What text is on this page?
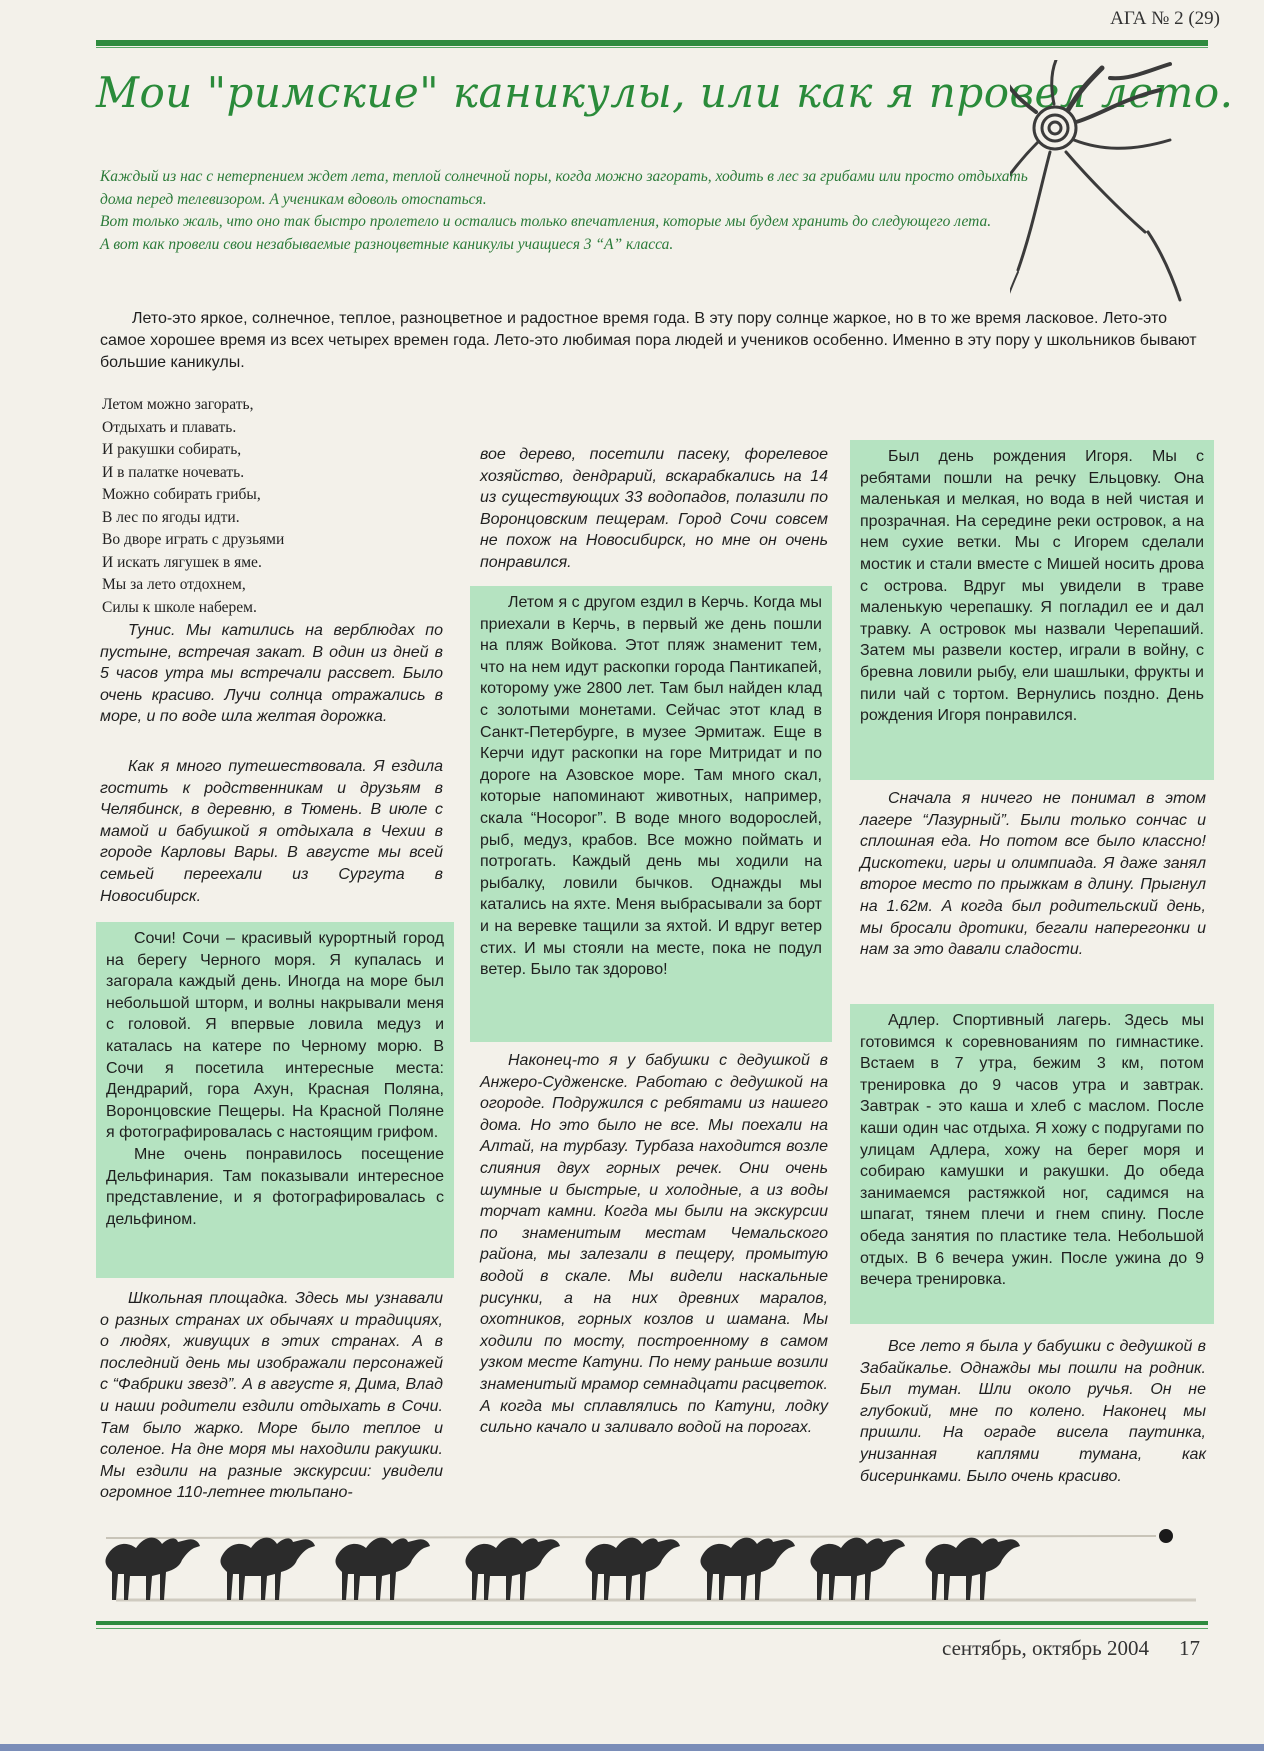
АГА № 2 (29)
Мои "римские" каникулы, или как я провел лето.

Каждый из нас с нетерпением ждет лета, теплой солнечной поры, когда можно загорать, ходить в лес за грибами или просто отдыхать дома перед телевизором. А ученикам вдоволь отоспаться.

Вот только жаль, что оно так быстро пролетело и остались только впечатления, которые мы будем хранить до следующего лета.

А вот как провели свои незабываемые разноцветные каникулы учащиеся 3 “А” класса.

Лето-это яркое, солнечное, теплое, разноцветное и радостное время года. В эту пору солнце жаркое, но в то же время ласковое. Лето-это самое хорошее время из всех четырех времен года. Лето-это любимая пора людей и учеников особенно. Именно в эту пору у школьников бывают большие каникулы.
Летом можно загорать,
Отдыхать и плавать.
И ракушки собирать,
И в палатке ночевать.
Можно собирать грибы,
В лес по ягоды идти.
Во дворе играть с друзьями
И искать лягушек в яме.
Мы за лето отдохнем,
Силы к школе наберем.

Тунис. Мы катились на верблюдах по пустыне, встречая закат. В один из дней в 5 часов утра мы встречали рассвет. Было очень красиво. Лучи солнца отражались в море, и по воде шла желтая дорожка.

Как я много путешествовала. Я ездила гостить к родственникам и друзьям в Челябинск, в деревню, в Тюмень. В июле с мамой и бабушкой я отдыхала в Чехии в городе Карловы Вары. В августе мы всей семьей переехали из Сургута в Новосибирск.

Сочи! Сочи – красивый курортный город на берегу Черного моря. Я купалась и загорала каждый день. Иногда на море был небольшой шторм, и волны накрывали меня с головой. Я впервые ловила медуз и каталась на катере по Черному морю. В Сочи я посетила интересные места: Дендрарий, гора Ахун, Красная Поляна, Воронцовские Пещеры. На Красной Поляне я фотографировалась с настоящим грифом.

Мне очень понравилось посещение Дельфинария. Там показывали интересное представление, и я фотографировалась с дельфином.

Школьная площадка. Здесь мы узнавали о разных странах их обычаях и традициях, о людях, живущих в этих странах. А в последний день мы изображали персонажей с “Фабрики звезд”. А в августе я, Дима, Влад и наши родители ездили отдыхать в Сочи. Там было жарко. Море было теплое и соленое. На дне моря мы находили ракушки. Мы ездили на разные экскурсии: увидели огромное 110-летнее тюльпано-

вое дерево, посетили пасеку, форелевое хозяйство, дендрарий, вскарабкались на 14 из существующих 33 водопадов, полазили по Воронцовским пещерам. Город Сочи совсем не похож на Новосибирск, но мне он очень понравился.

Летом я с другом ездил в Керчь. Когда мы приехали в Керчь, в первый же день пошли на пляж Войкова. Этот пляж знаменит тем, что на нем идут раскопки города Пантикапей, которому уже 2800 лет. Там был найден клад с золотыми монетами. Сейчас этот клад в Санкт-Петербурге, в музее Эрмитаж. Еще в Керчи идут раскопки на горе Митридат и по дороге на Азовское море. Там много скал, которые напоминают животных, например, скала “Носорог”. В воде много водорослей, рыб, медуз, крабов. Все можно поймать и потрогать. Каждый день мы ходили на рыбалку, ловили бычков. Однажды мы катались на яхте. Меня выбрасывали за борт и на веревке тащили за яхтой. И вдруг ветер стих. И мы стояли на месте, пока не подул ветер. Было так здорово!

Наконец-то я у бабушки с дедушкой в Анжеро-Судженске. Работаю с дедушкой на огороде. Подружился с ребятами из нашего дома. Но это было не все. Мы поехали на Алтай, на турбазу. Турбаза находится возле слияния двух горных речек. Они очень шумные и быстрые, и холодные, а из воды торчат камни. Когда мы были на экскурсии по знаменитым местам Чемальского района, мы залезали в пещеру, промытую водой в скале. Мы видели наскальные рисунки, а на них древних маралов, охотников, горных козлов и шамана. Мы ходили по мосту, построенному в самом узком месте Катуни. По нему раньше возили знаменитый мрамор семнадцати расцветок. А когда мы сплавлялись по Катуни, лодку сильно качало и заливало водой на порогах.

Был день рождения Игоря. Мы с ребятами пошли на речку Ельцовку. Она маленькая и мелкая, но вода в ней чистая и прозрачная. На середине реки островок, а на нем сухие ветки. Мы с Игорем сделали мостик и стали вместе с Мишей носить дрова с острова. Вдруг мы увидели в траве маленькую черепашку. Я погладил ее и дал травку. А островок мы назвали Черепаший. Затем мы развели костер, играли в войну, с бревна ловили рыбу, ели шашлыки, фрукты и пили чай с тортом. Вернулись поздно. День рождения Игоря понравился.

Сначала я ничего не понимал в этом лагере “Лазурный”. Были только сончас и сплошная еда. Но потом все было классно! Дискотеки, игры и олимпиада. Я даже занял второе место по прыжкам в длину. Прыгнул на 1.62м. А когда был родительский день, мы бросали дротики, бегали наперегонки и нам за это давали сладости.

Адлер. Спортивный лагерь. Здесь мы готовимся к соревнованиям по гимнастике. Встаем в 7 утра, бежим 3 км, потом тренировка до 9 часов утра и завтрак. Завтрак - это каша и хлеб с маслом. После каши один час отдыха. Я хожу с подругами по улицам Адлера, хожу на берег моря и собираю камушки и ракушки. До обеда занимаемся растяжкой ног, садимся на шпагат, тянем плечи и гнем спину. После обеда занятия по пластике тела. Небольшой отдых. В 6 вечера ужин. После ужина до 9 вечера тренировка.

Все лето я была у бабушки с дедушкой в Забайкалье. Однажды мы пошли на родник. Был туман. Шли около ручья. Он не глубокий, мне по колено. Наконец мы пришли. На ограде висела паутинка, унизанная каплями тумана, как бисеринками. Было очень красиво.

сентябрь, октябрь 2004 17
